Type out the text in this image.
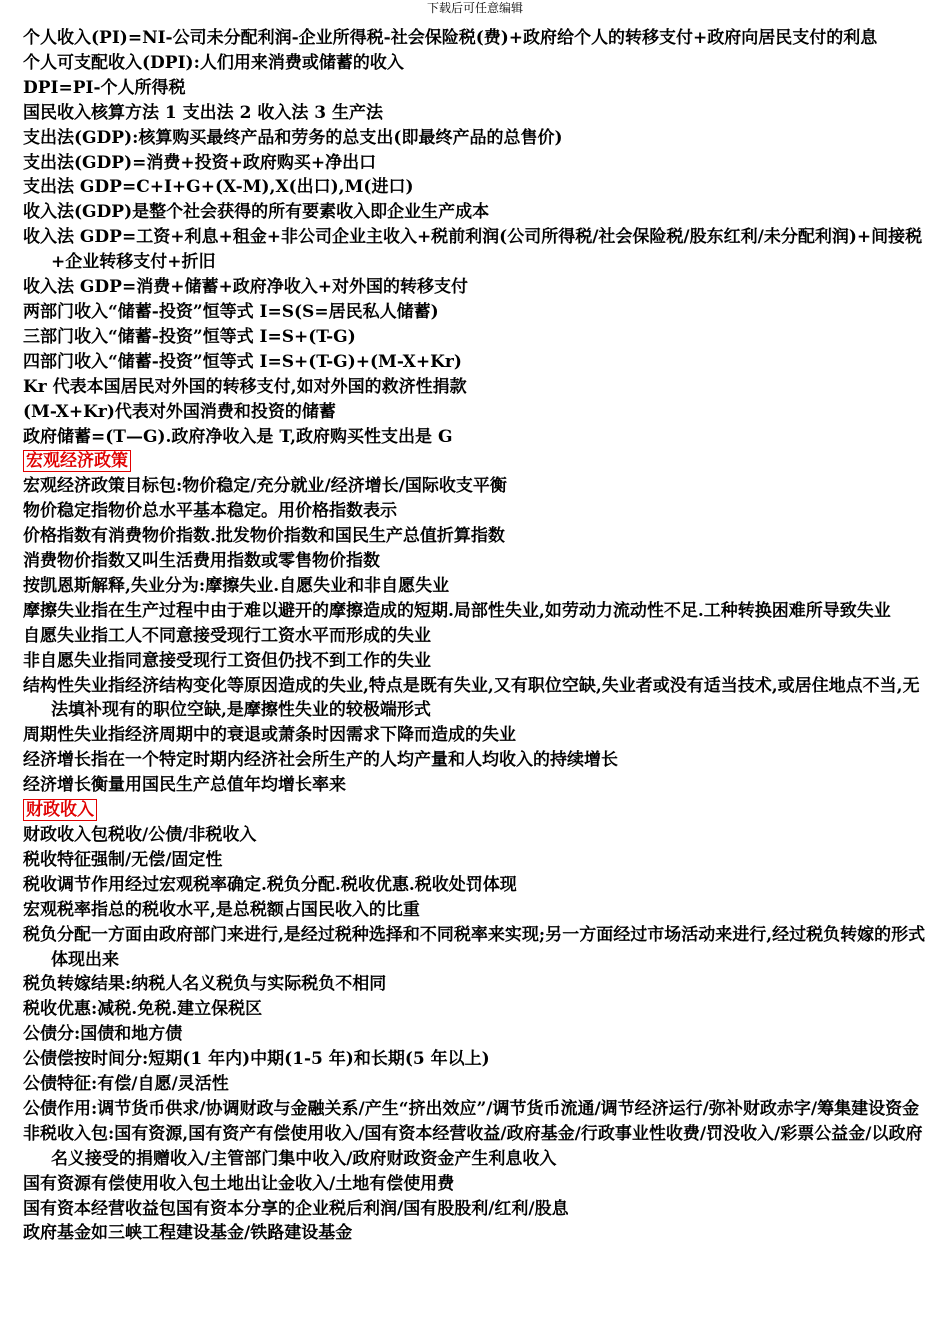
下载后可任意编辑
个人收入(PI)=NI-公司未分配利润-企业所得税-社会保险税(费)+政府给个人的转移支付+政府向居民支付的利息
个人可支配收入(DPI):人们用来消费或储蓄的收入
DPI=PI-个人所得税
国民收入核算方法 1 支出法 2 收入法 3 生产法
支出法(GDP):核算购买最终产品和劳务的总支出(即最终产品的总售价)
支出法(GDP)=消费+投资+政府购买+净出口
支出法 GDP=C+I+G+(X-M),X(出口),M(进口)
收入法(GDP)是整个社会获得的所有要素收入即企业生产成本
收入法 GDP=工资+利息+租金+非公司企业主收入+税前利润(公司所得税/社会保险税/股东红利/未分配利润)+间接税+企业转移支付+折旧
收入法 GDP=消费+储蓄+政府净收入+对外国的转移支付
两部门收入“储蓄-投资”恒等式 I=S(S=居民私人储蓄)
三部门收入“储蓄-投资”恒等式 I=S+(T-G)
四部门收入“储蓄-投资”恒等式 I=S+(T-G)+(M-X+Kr)
Kr 代表本国居民对外国的转移支付,如对外国的救济性捐款
(M-X+Kr)代表对外国消费和投资的储蓄
政府储蓄=(T—G).政府净收入是 T,政府购买性支出是 G
宏观经济政策
宏观经济政策目标包:物价稳定/充分就业/经济增长/国际收支平衡
物价稳定指物价总水平基本稳定。用价格指数表示
价格指数有消费物价指数.批发物价指数和国民生产总值折算指数
消费物价指数又叫生活费用指数或零售物价指数
按凯恩斯解释,失业分为:摩擦失业.自愿失业和非自愿失业
摩擦失业指在生产过程中由于难以避开的摩擦造成的短期.局部性失业,如劳动力流动性不足.工种转换困难所导致失业
自愿失业指工人不同意接受现行工资水平而形成的失业
非自愿失业指同意接受现行工资但仍找不到工作的失业
结构性失业指经济结构变化等原因造成的失业,特点是既有失业,又有职位空缺,失业者或没有适当技术,或居住地点不当,无法填补现有的职位空缺,是摩擦性失业的较极端形式
周期性失业指经济周期中的衰退或萧条时因需求下降而造成的失业
经济增长指在一个特定时期内经济社会所生产的人均产量和人均收入的持续增长
经济增长衡量用国民生产总值年均增长率来
财政收入
财政收入包税收/公债/非税收入
税收特征强制/无偿/固定性
税收调节作用经过宏观税率确定.税负分配.税收优惠.税收处罚体现
宏观税率指总的税收水平,是总税额占国民收入的比重
税负分配一方面由政府部门来进行,是经过税种选择和不同税率来实现;另一方面经过市场活动来进行,经过税负转嫁的形式体现出来
税负转嫁结果:纳税人名义税负与实际税负不相同
税收优惠:减税.免税.建立保税区
公债分:国债和地方债
公债偿按时间分:短期(1 年内)中期(1-5 年)和长期(5 年以上)
公债特征:有偿/自愿/灵活性
公债作用:调节货币供求/协调财政与金融关系/产生“挤出效应”/调节货币流通/调节经济运行/弥补财政赤字/筹集建设资金
非税收入包:国有资源,国有资产有偿使用收入/国有资本经营收益/政府基金/行政事业性收费/罚没收入/彩票公益金/以政府名义接受的捐赠收入/主管部门集中收入/政府财政资金产生利息收入
国有资源有偿使用收入包土地出让金收入/土地有偿使用费
国有资本经营收益包国有资本分享的企业税后利润/国有股股利/红利/股息
政府基金如三峡工程建设基金/铁路建设基金
